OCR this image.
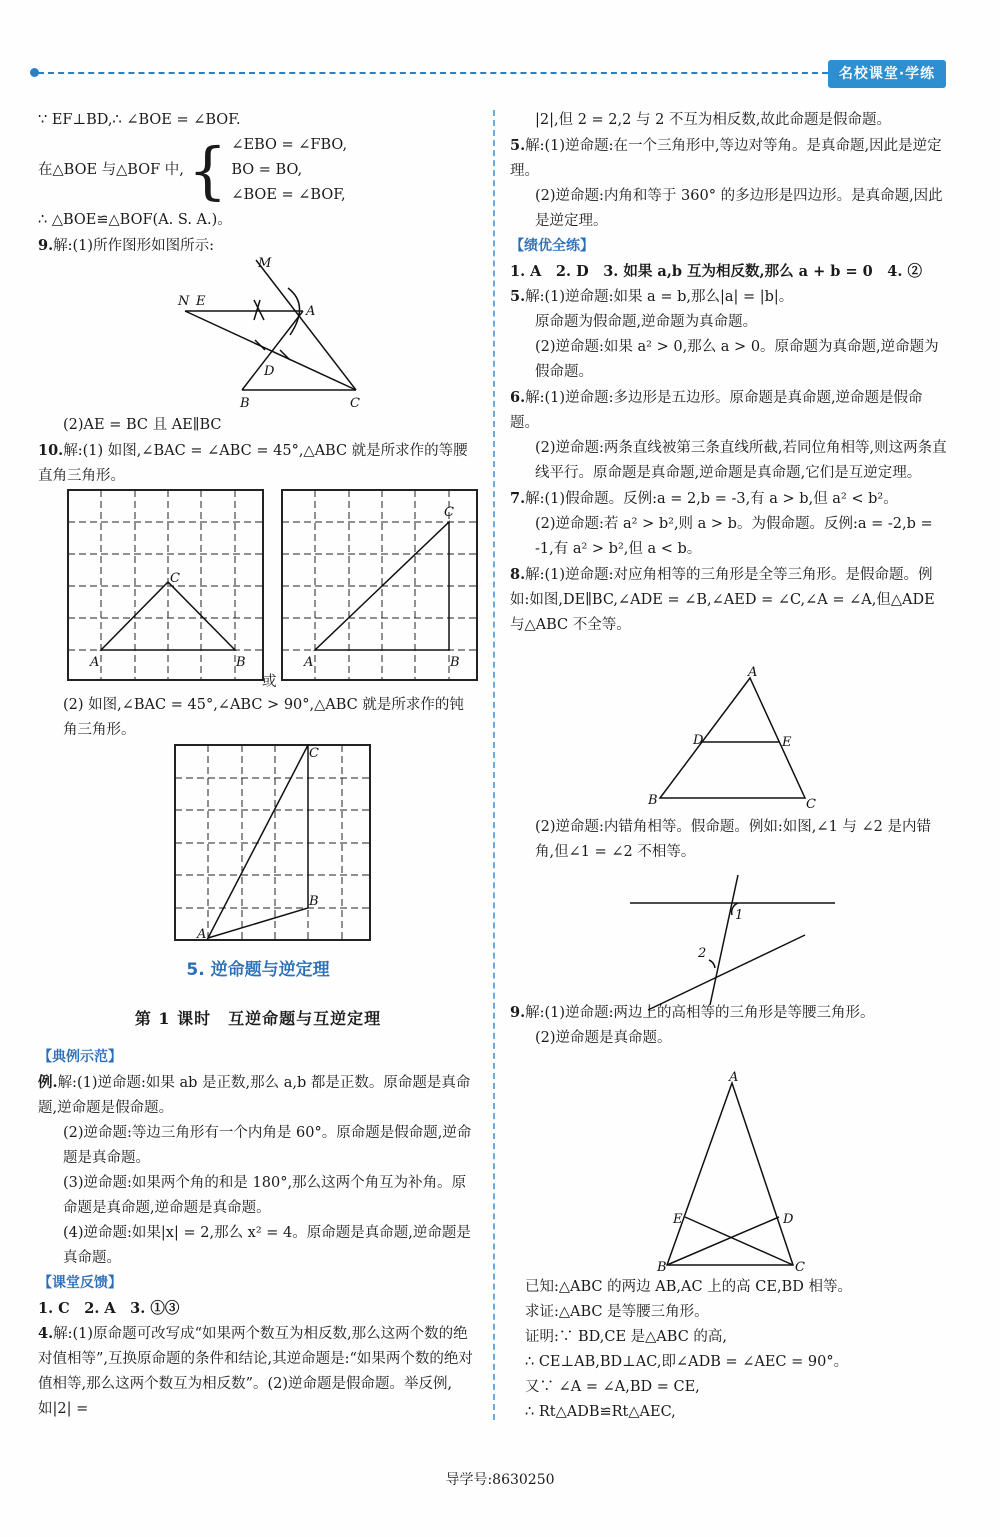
名校课堂·学练

∵ EF⊥BD,∴ ∠BOE = ∠BOF.

在△BOE 与△BOF 中, { ∠EBO = ∠FBO,

BO = BO,

∠BOE = ∠BOF,

∴ △BOE≌△BOF(A. S. A.)。

9.解:(1)所作图形如图所示:

M
N E
A
D
B	C

(2)AE = BC 且 AE∥BC

10.解:(1) 如图,∠BAC = ∠ABC = 45°,△ABC 就是所求作的等腰直角三角形。

A	B
C
或
A	B
C

(2) 如图,∠BAC = 45°,∠ABC > 90°,△ABC 就是所求作的钝角三角形。

A
B
C
5. 逆命题与逆定理
第 1 课时　互逆命题与互逆定理

【典例示范】

例.解:(1)逆命题:如果 ab 是正数,那么 a,b 都是正数。原命题是真命题,逆命题是假命题。

(2)逆命题:等边三角形有一个内角是 60°。原命题是假命题,逆命题是真命题。

(3)逆命题:如果两个角的和是 180°,那么这两个角互为补角。原命题是真命题,逆命题是真命题。

(4)逆命题:如果|x| = 2,那么 x² = 4。原命题是真命题,逆命题是真命题。

【课堂反馈】

1. C　2. A　3. ①③

4.解:(1)原命题可改写成“如果两个数互为相反数,那么这两个数的绝对值相等”,互换原命题的条件和结论,其逆命题是:“如果两个数的绝对值相等,那么这两个数互为相反数”。(2)逆命题是假命题。举反例,如|2| =

|2|,但 2 = 2,2 与 2 不互为相反数,故此命题是假命题。

5.解:(1)逆命题:在一个三角形中,等边对等角。是真命题,因此是逆定理。

(2)逆命题:内角和等于 360° 的多边形是四边形。是真命题,因此是逆定理。

【绩优全练】

1. A　2. D　3. 如果 a,b 互为相反数,那么 a + b = 0　4. ②

5.解:(1)逆命题:如果 a = b,那么|a| = |b|。

原命题为假命题,逆命题为真命题。

(2)逆命题:如果 a² > 0,那么 a > 0。原命题为真命题,逆命题为假命题。

6.解:(1)逆命题:多边形是五边形。原命题是真命题,逆命题是假命题。

(2)逆命题:两条直线被第三条直线所截,若同位角相等,则这两条直线平行。原命题是真命题,逆命题是真命题,它们是互逆定理。

7.解:(1)假命题。反例:a = 2,b = -3,有 a > b,但 a² < b²。

(2)逆命题:若 a² > b²,则 a > b。为假命题。反例:a = -2,b = -1,有 a² > b²,但 a < b。

8.解:(1)逆命题:对应角相等的三角形是全等三角形。是假命题。例如:如图,DE∥BC,∠ADE = ∠B,∠AED = ∠C,∠A = ∠A,但△ADE 与△ABC 不全等。

A
D	E
B	C

(2)逆命题:内错角相等。假命题。例如:如图,∠1 与 ∠2 是内错角,但∠1 = ∠2 不相等。

1
2

9.解:(1)逆命题:两边上的高相等的三角形是等腰三角形。

(2)逆命题是真命题。

A
E	D
B	C

已知:△ABC 的两边 AB,AC 上的高 CE,BD 相等。

求证:△ABC 是等腰三角形。

证明:∵ BD,CE 是△ABC 的高,

∴ CE⊥AB,BD⊥AC,即∠ADB = ∠AEC = 90°。

又∵ ∠A = ∠A,BD = CE,

∴ Rt△ADB≌Rt△AEC,

导学号:8630250
